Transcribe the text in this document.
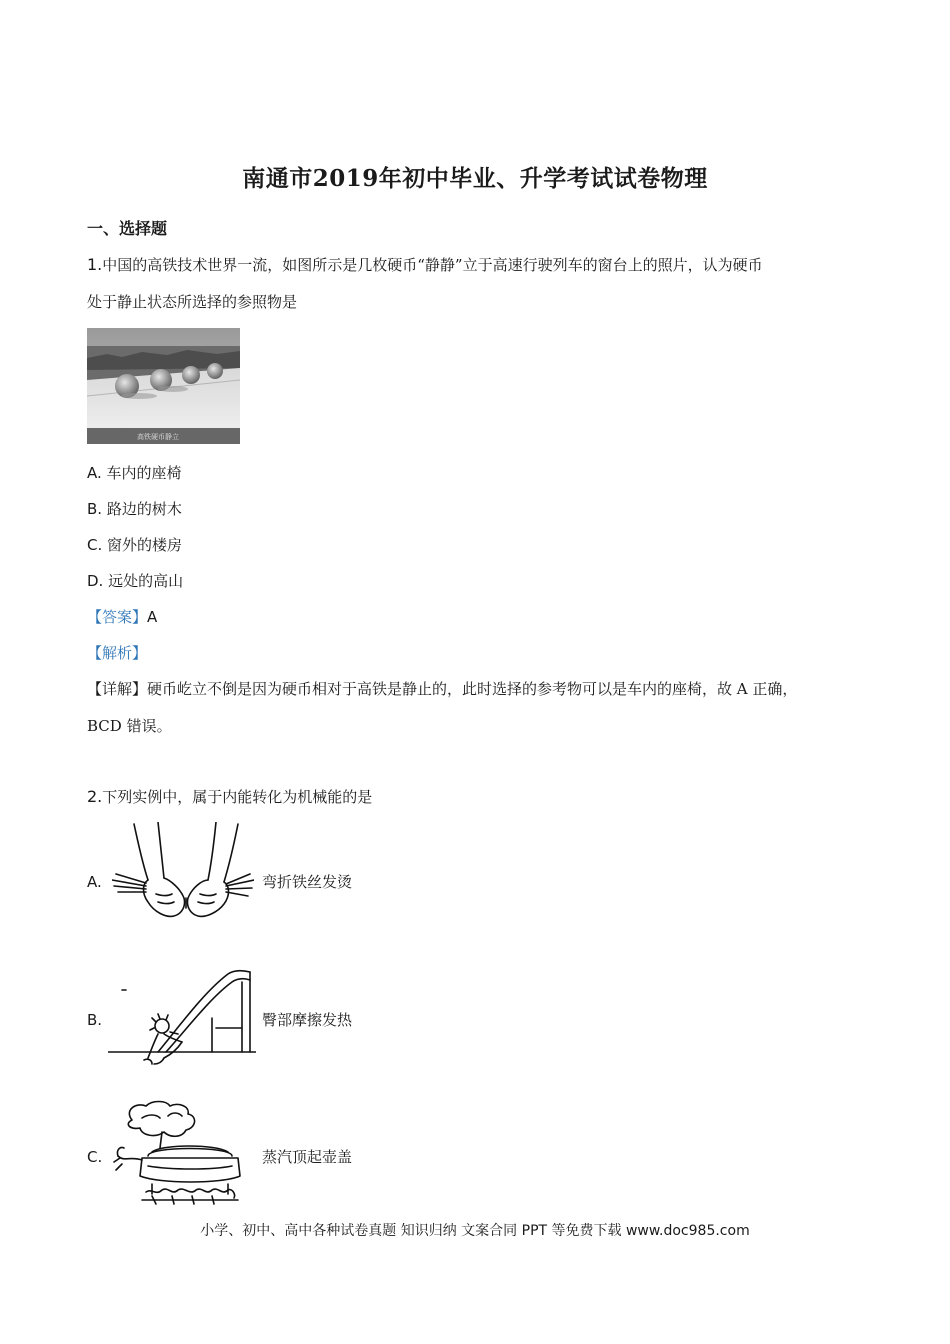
南通市2019年初中毕业、升学考试试卷物理
一、选择题
1.中国的高铁技术世界一流，如图所示是几枚硬币“静静”立于高速行驶列车的窗台上的照片，认为硬币
处于静止状态所选择的参照物是
高铁硬币静立
A. 车内的座椅
B. 路边的树木
C. 窗外的楼房
D. 远处的高山
【答案】A
【解析】
【详解】硬币屹立不倒是因为硬币相对于高铁是静止的，此时选择的参考物可以是车内的座椅，故 A 正确，
BCD 错误。
2.下列实例中，属于内能转化为机械能的是
A.	弯折铁丝发烫
B.	臀部摩擦发热
C.	蒸汽顶起壶盖
小学、初中、高中各种试卷真题 知识归纳 文案合同 PPT 等免费下载 www.doc985.com
